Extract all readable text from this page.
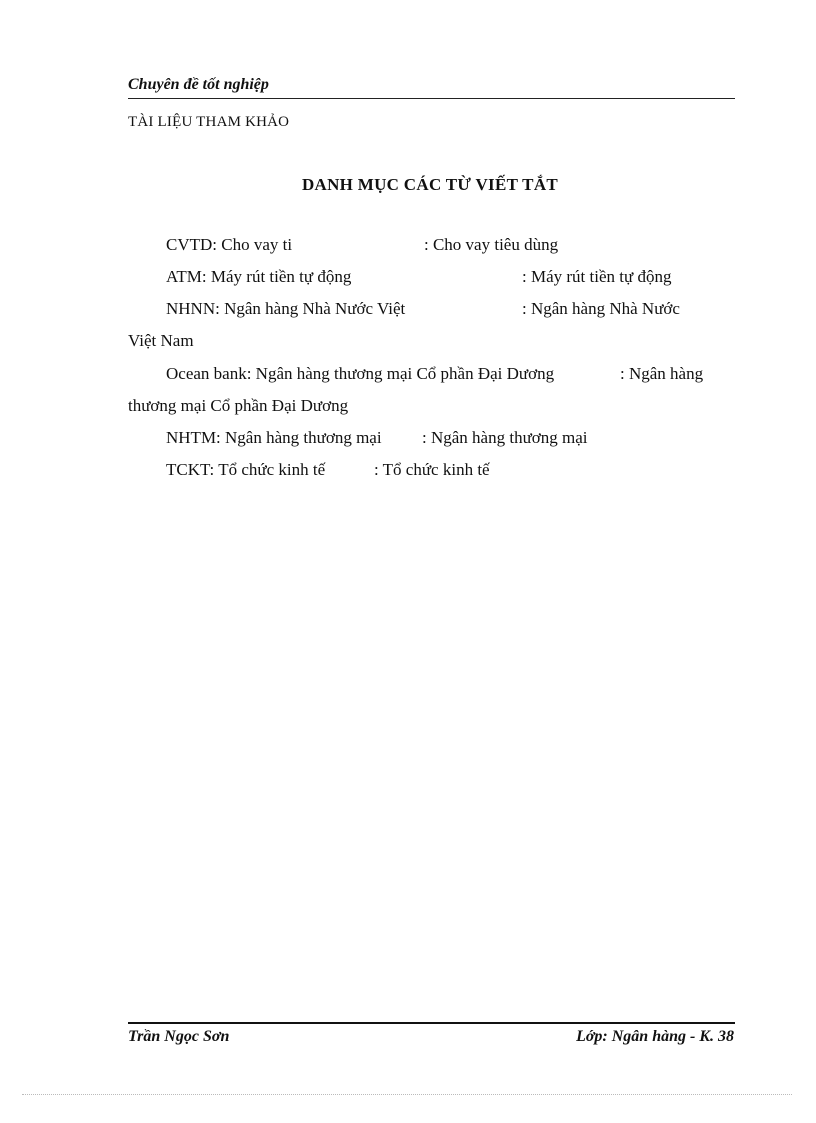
Chuyên đề tốt nghiệp
TÀI LIỆU THAM KHẢO
DANH MỤC CÁC TỪ VIẾT TẮT
CVTD: Cho vay ti	: Cho vay tiêu dùng
ATM: Máy rút tiền tự động	: Máy rút tiền tự động
NHNN: Ngân hàng Nhà Nước Việt	: Ngân hàng Nhà Nước
Việt Nam
Ocean bank: Ngân hàng thương mại Cổ phần Đại Dương	: Ngân hàng
thương mại Cổ phần Đại Dương
NHTM: Ngân hàng thương mại : Ngân hàng thương mại
TCKT: Tổ chức kinh tế	: Tổ chức kinh tế
Trần Ngọc Sơn	Lớp: Ngân hàng - K. 38
